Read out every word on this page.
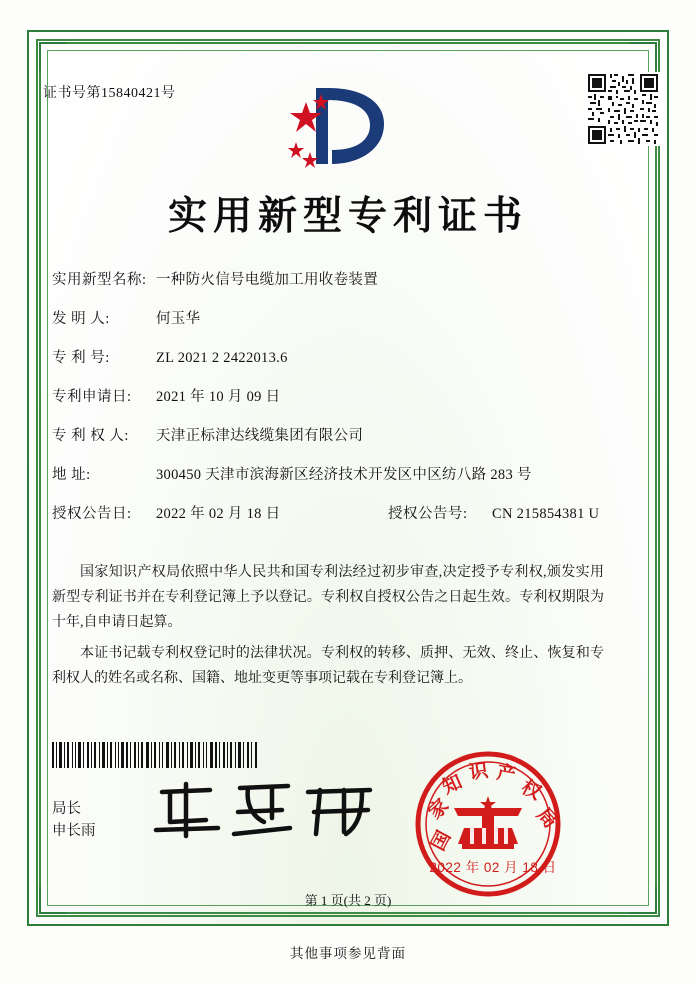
证书号第15840421号
实用新型专利证书
实用新型名称: 一种防火信号电缆加工用收卷装置
发 明 人:	何玉华
专 利 号:	ZL 2021 2 2422013.6
专利申请日:	2021 年 10 月 09 日
专 利 权 人:	天津正标津达线缆集团有限公司
地 址:	300450 天津市滨海新区经济技术开发区中区纺八路 283 号
授权公告日:	2022 年 02 月 18 日	授权公告号:	CN 215854381 U

国家知识产权局依照中华人民共和国专利法经过初步审查,决定授予专利权,颁发实用新型专利证书并在专利登记簿上予以登记。专利权自授权公告之日起生效。专利权期限为十年,自申请日起算。

本证书记载专利权登记时的法律状况。专利权的转移、质押、无效、终止、恢复和专利权人的姓名或名称、国籍、地址变更等事项记载在专利登记簿上。

局长
申长雨	国
家
知 识 产
权
局
2022 年 02 月 18 日
第 1 页(共 2 页)
其他事项参见背面
